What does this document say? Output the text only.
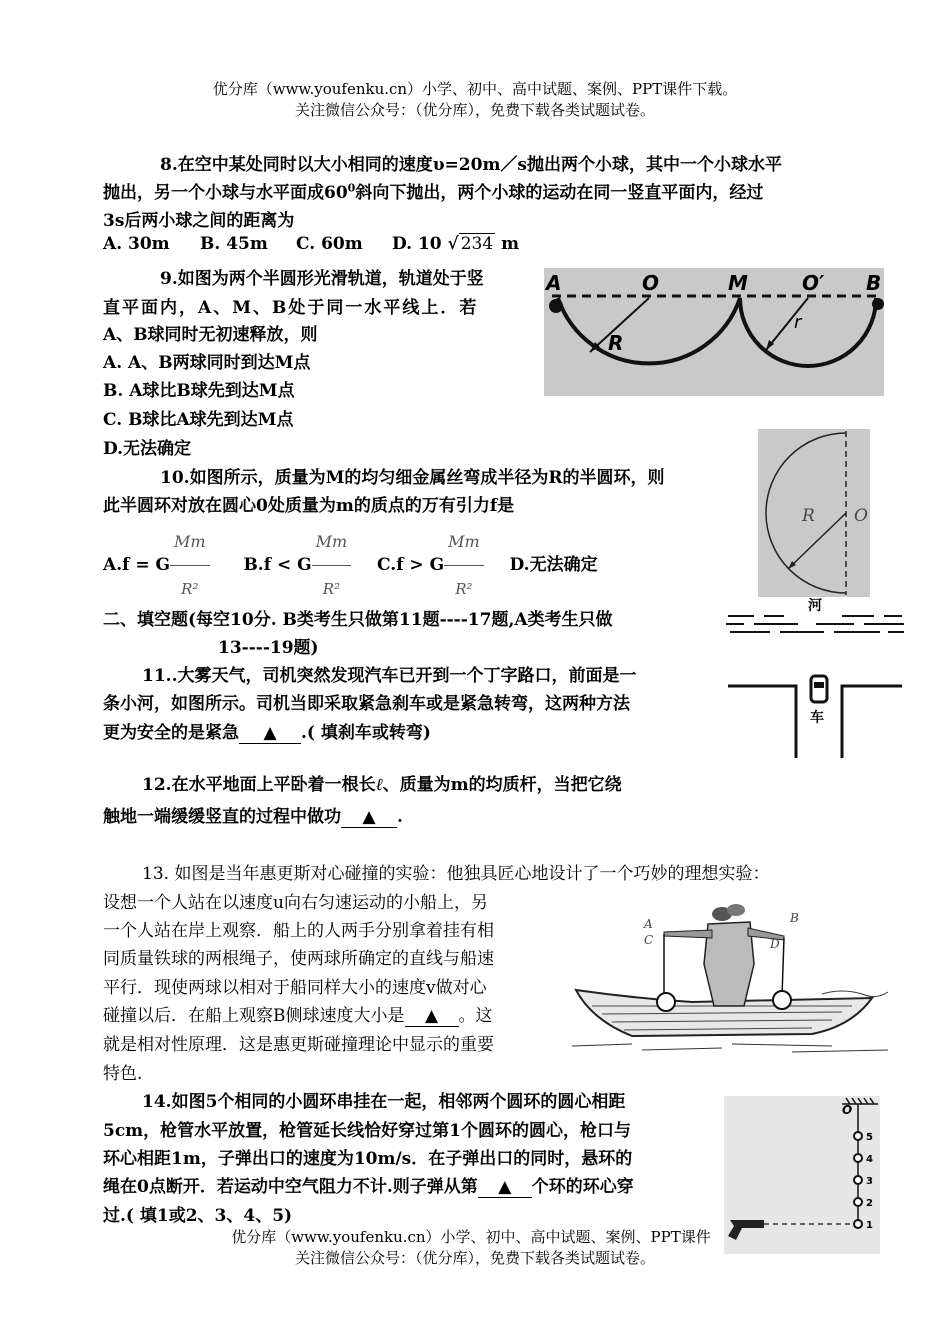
优分库（www.youfenku.cn）小学、初中、高中试题、案例、PPT课件下载。
关注微信公众号：（优分库），免费下载各类试题试卷。
8.在空中某处同时以大小相同的速度υ=20m／s抛出两个小球，其中一个小球水平
抛出，另一个小球与水平面成$60^0$斜向下抛出，两个小球的运动在同一竖直平面内，经过
3s后两小球之间的距离为
A. 30m B. 45m C. 60m D. 10 √ 234 m
9.如图为两个半圆形光滑轨道，轨道处于竖
直平面内，A、M、B处于同一水平线上．若
A、B球同时无初速释放，则
A. A、B两球同时到达M点
B. A球比B球先到达M点
C. B球比A球先到达M点
D.无法确定
A	O	M	O′ B
R
r
10.如图所示，质量为M的均匀细金属丝弯成半径为R的半圆环，则
此半圆环对放在圆心0处质量为m的质点的万有引力f是
A.f = G $\frac{Mm}{\text{R²}} B.f < G \frac{Mm}{\text{R²}} C.f > G \frac{Mm}{\text{R²}} D$.无法确定
R O
二、填空题(每空10分. B类考生只做第11题----17题,A类考生只做
13----19题)
河
车
11..大雾天气，司机突然发现汽车已开到一个丁字路口，前面是一
条小河，如图所示。司机当即采取紧急刹车或是紧急转弯，这两种方法
更为安全的是紧急 ▲ .( 填刹车或转弯)
12.在水平地面上平卧着一根长ℓ、质量为m的均质杆，当把它绕
触地一端缓缓竖直的过程中做功 ▲ .
13. 如图是当年惠更斯对心碰撞的实验：他独具匠心地设计了一个巧妙的理想实验：
设想一个人站在以速度u向右匀速运动的小船上，另
一个人站在岸上观察．船上的人两手分别拿着挂有相
同质量铁球的两根绳子，使两球所确定的直线与船速
平行．现使两球以相对于船同样大小的速度v做对心
碰撞以后．在船上观察B侧球速度大小是 ▲ 。这
就是相对性原理．这是惠更斯碰撞理论中显示的重要
特色.
A
C
B
D
14.如图5个相同的小圆环串挂在一起，相邻两个圆环的圆心相距
5cm，枪管水平放置，枪管延长线恰好穿过第1个圆环的圆心，枪口与
环心相距1m，子弹出口的速度为10m/s．在子弹出口的同时，悬环的
绳在0点断开．若运动中空气阻力不计.则子弹从第 ▲ 个环的环心穿
过.( 填1或2、3、4、5)
O
5
4
3
2
1
优分库（www.youfenku.cn）小学、初中、高中试题、案例、PPT课件
关注微信公众号：（优分库），免费下载各类试题试卷。
